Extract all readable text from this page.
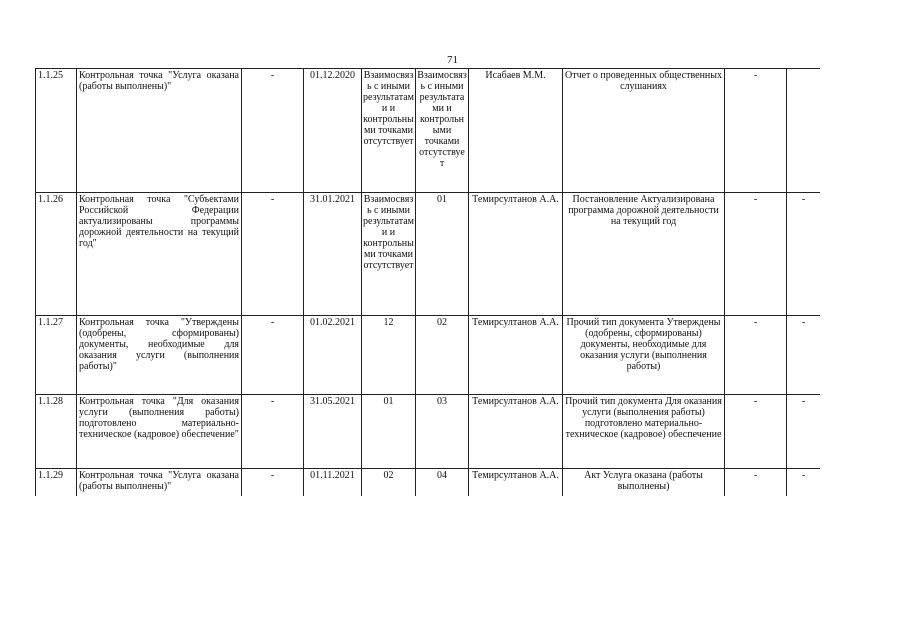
71
1.1.25	Контрольная точка "Услуга оказана (работы выполнены)"	-	01.12.2020	Взаимосвязь с иными результатами и контрольными точками отсутствует	Взаимосвязь с иными результатами и контрольными точками отсутствует	Исабаев М.М.	Отчет о проведенных общественных слушаниях	-	
1.1.26	Контрольная точка "Субъектами Российской Федерации актуализированы программы дорожной деятельности на текущий год"	-	31.01.2021	Взаимосвязь с иными результатами и контрольными точками отсутствует	01	Темирсултанов А.А.	Постановление Актуализирована программа дорожной деятельности на текущий год	-	-
1.1.27	Контрольная точка "Утверждены (одобрены, сформированы) документы, необходимые для оказания услуги (выполнения работы)"	-	01.02.2021	12	02	Темирсултанов А.А.	Прочий тип документа Утверждены (одобрены, сформированы) документы, необходимые для оказания услуги (выполнения работы)	-	-
1.1.28	Контрольная точка "Для оказания услуги (выполнения работы) подготовлено материально-техническое (кадровое) обеспечение"	-	31.05.2021	01	03	Темирсултанов А.А.	Прочий тип документа Для оказания услуги (выполнения работы) подготовлено материально-техническое (кадровое) обеспечение	-	-
1.1.29	Контрольная точка "Услуга оказана (работы выполнены)"	-	01.11.2021	02	04	Темирсултанов А.А.	Акт Услуга оказана (работы выполнены)	-	-
